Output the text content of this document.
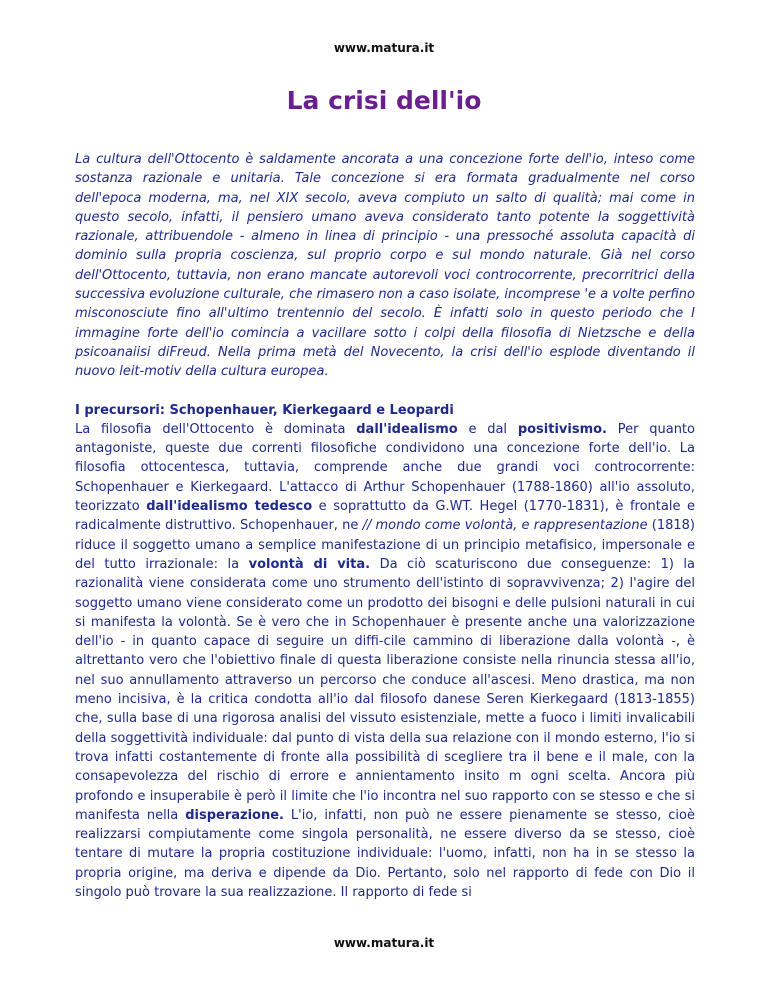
www.matura.it
La crisi dell'io

La cultura dell'Ottocento è saldamente ancorata a una concezione forte dell'io, inteso come sostanza razionale e unitaria. Tale concezione si era formata gradualmente nel corso dell'epoca moderna, ma, nel XIX secolo, aveva compiuto un salto di qualità; mai come in questo secolo, infatti, il pensiero umano aveva considerato tanto potente la soggettività razionale, attribuendole - almeno in linea di principio - una pressoché assoluta capacità di dominio sulla propria coscienza, sul proprio corpo e sul mondo naturale. Già nel corso dell'Ottocento, tuttavia, non erano mancate autorevoli voci controcorrente, precorritrici della successiva evoluzione culturale, che rimasero non a caso isolate, incomprese 'e a volte perfino misconosciute fino all'ultimo trentennio del secolo. È infatti solo in questo periodo che I immagine forte dell'io comincia a vacillare sotto i colpi della filosofia di Nietzsche e della psicoanaiisi diFreud. Nella prima metà del Novecento, la crisi dell'io esplode diventando il nuovo leit-motiv della cultura europea.

I precursori: Schopenhauer, Kierkegaard e Leopardi

La filosofia dell'Ottocento è dominata dall'idealismo e dal positivismo. Per quanto antagoniste, queste due correnti filosofiche condividono una concezione forte dell'io. La filosofia ottocentesca, tuttavia, comprende anche due grandi voci controcorrente: Schopenhauer e Kierkegaard. L'attacco di Arthur Schopenhauer (1788-1860) all'io assoluto, teorizzato dall'idealismo tedesco e soprattutto da G.WT. Hegel (1770-1831), è frontale e radicalmente distruttivo. Schopenhauer, ne // mondo come volontà, e rappresentazione (1818) riduce il soggetto umano a semplice manifestazione di un principio metafisico, impersonale e del tutto irrazionale: la volontà di vita. Da ciò scaturiscono due conseguenze: 1) la razionalità viene considerata come uno strumento dell'istinto di sopravvivenza; 2) l'agire del soggetto umano viene considerato come un prodotto dei bisogni e delle pulsioni naturali in cui si manifesta la volontà. Se è vero che in Schopenhauer è presente anche una valorizzazione dell'io - in quanto capace di seguire un diffi-cile cammino di liberazione dalla volontà -, è altrettanto vero che l'obiettivo finale di questa liberazione consiste nella rinuncia stessa all'io, nel suo annullamento attraverso un percorso che conduce all'ascesi. Meno drastica, ma non meno incisiva, è la critica condotta all'io dal filosofo danese Seren Kierkegaard (1813-1855) che, sulla base di una rigorosa analisi del vissuto esistenziale, mette a fuoco i limiti invalicabili della soggettività individuale: dal punto di vista della sua relazione con il mondo esterno, l'io si trova infatti costantemente di fronte alla possibilità di scegliere tra il bene e il male, con la consapevolezza del rischio di errore e annientamento insito m ogni scelta. Ancora più profondo e insuperabile è però il limite che l'io incontra nel suo rapporto con se stesso e che si manifesta nella disperazione. L'io, infatti, non può ne essere pienamente se stesso, cioè realizzarsi compiutamente come singola personalità, ne essere diverso da se stesso, cioè tentare di mutare la propria costituzione individuale: l'uomo, infatti, non ha in se stesso la propria origine, ma deriva e dipende da Dio. Pertanto, solo nel rapporto di fede con Dio il singolo può trovare la sua realizzazione. Il rapporto di fede si

www.matura.it
